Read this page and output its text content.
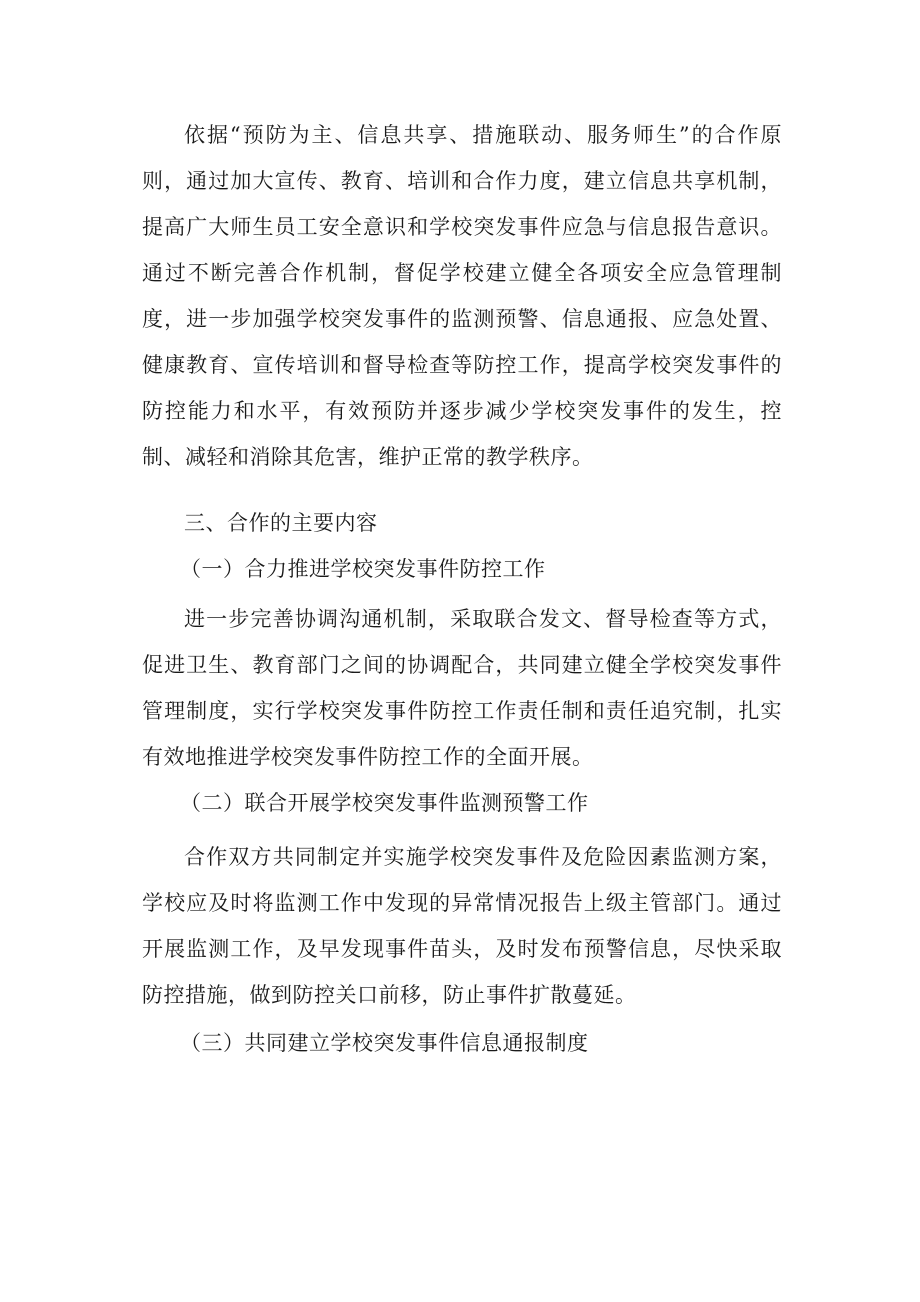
依据“预防为主、信息共享、措施联动、服务师生”的合作原则，通过加大宣传、教育、培训和合作力度，建立信息共享机制，提高广大师生员工安全意识和学校突发事件应急与信息报告意识。通过不断完善合作机制，督促学校建立健全各项安全应急管理制度，进一步加强学校突发事件的监测预警、信息通报、应急处置、健康教育、宣传培训和督导检查等防控工作，提高学校突发事件的防控能力和水平，有效预防并逐步减少学校突发事件的发生，控制、减轻和消除其危害，维护正常的教学秩序。

三、合作的主要内容

（一）合力推进学校突发事件防控工作

进一步完善协调沟通机制，采取联合发文、督导检查等方式，促进卫生、教育部门之间的协调配合，共同建立健全学校突发事件管理制度，实行学校突发事件防控工作责任制和责任追究制，扎实有效地推进学校突发事件防控工作的全面开展。

（二）联合开展学校突发事件监测预警工作

合作双方共同制定并实施学校突发事件及危险因素监测方案，学校应及时将监测工作中发现的异常情况报告上级主管部门。通过开展监测工作，及早发现事件苗头，及时发布预警信息，尽快采取防控措施，做到防控关口前移，防止事件扩散蔓延。

（三）共同建立学校突发事件信息通报制度
